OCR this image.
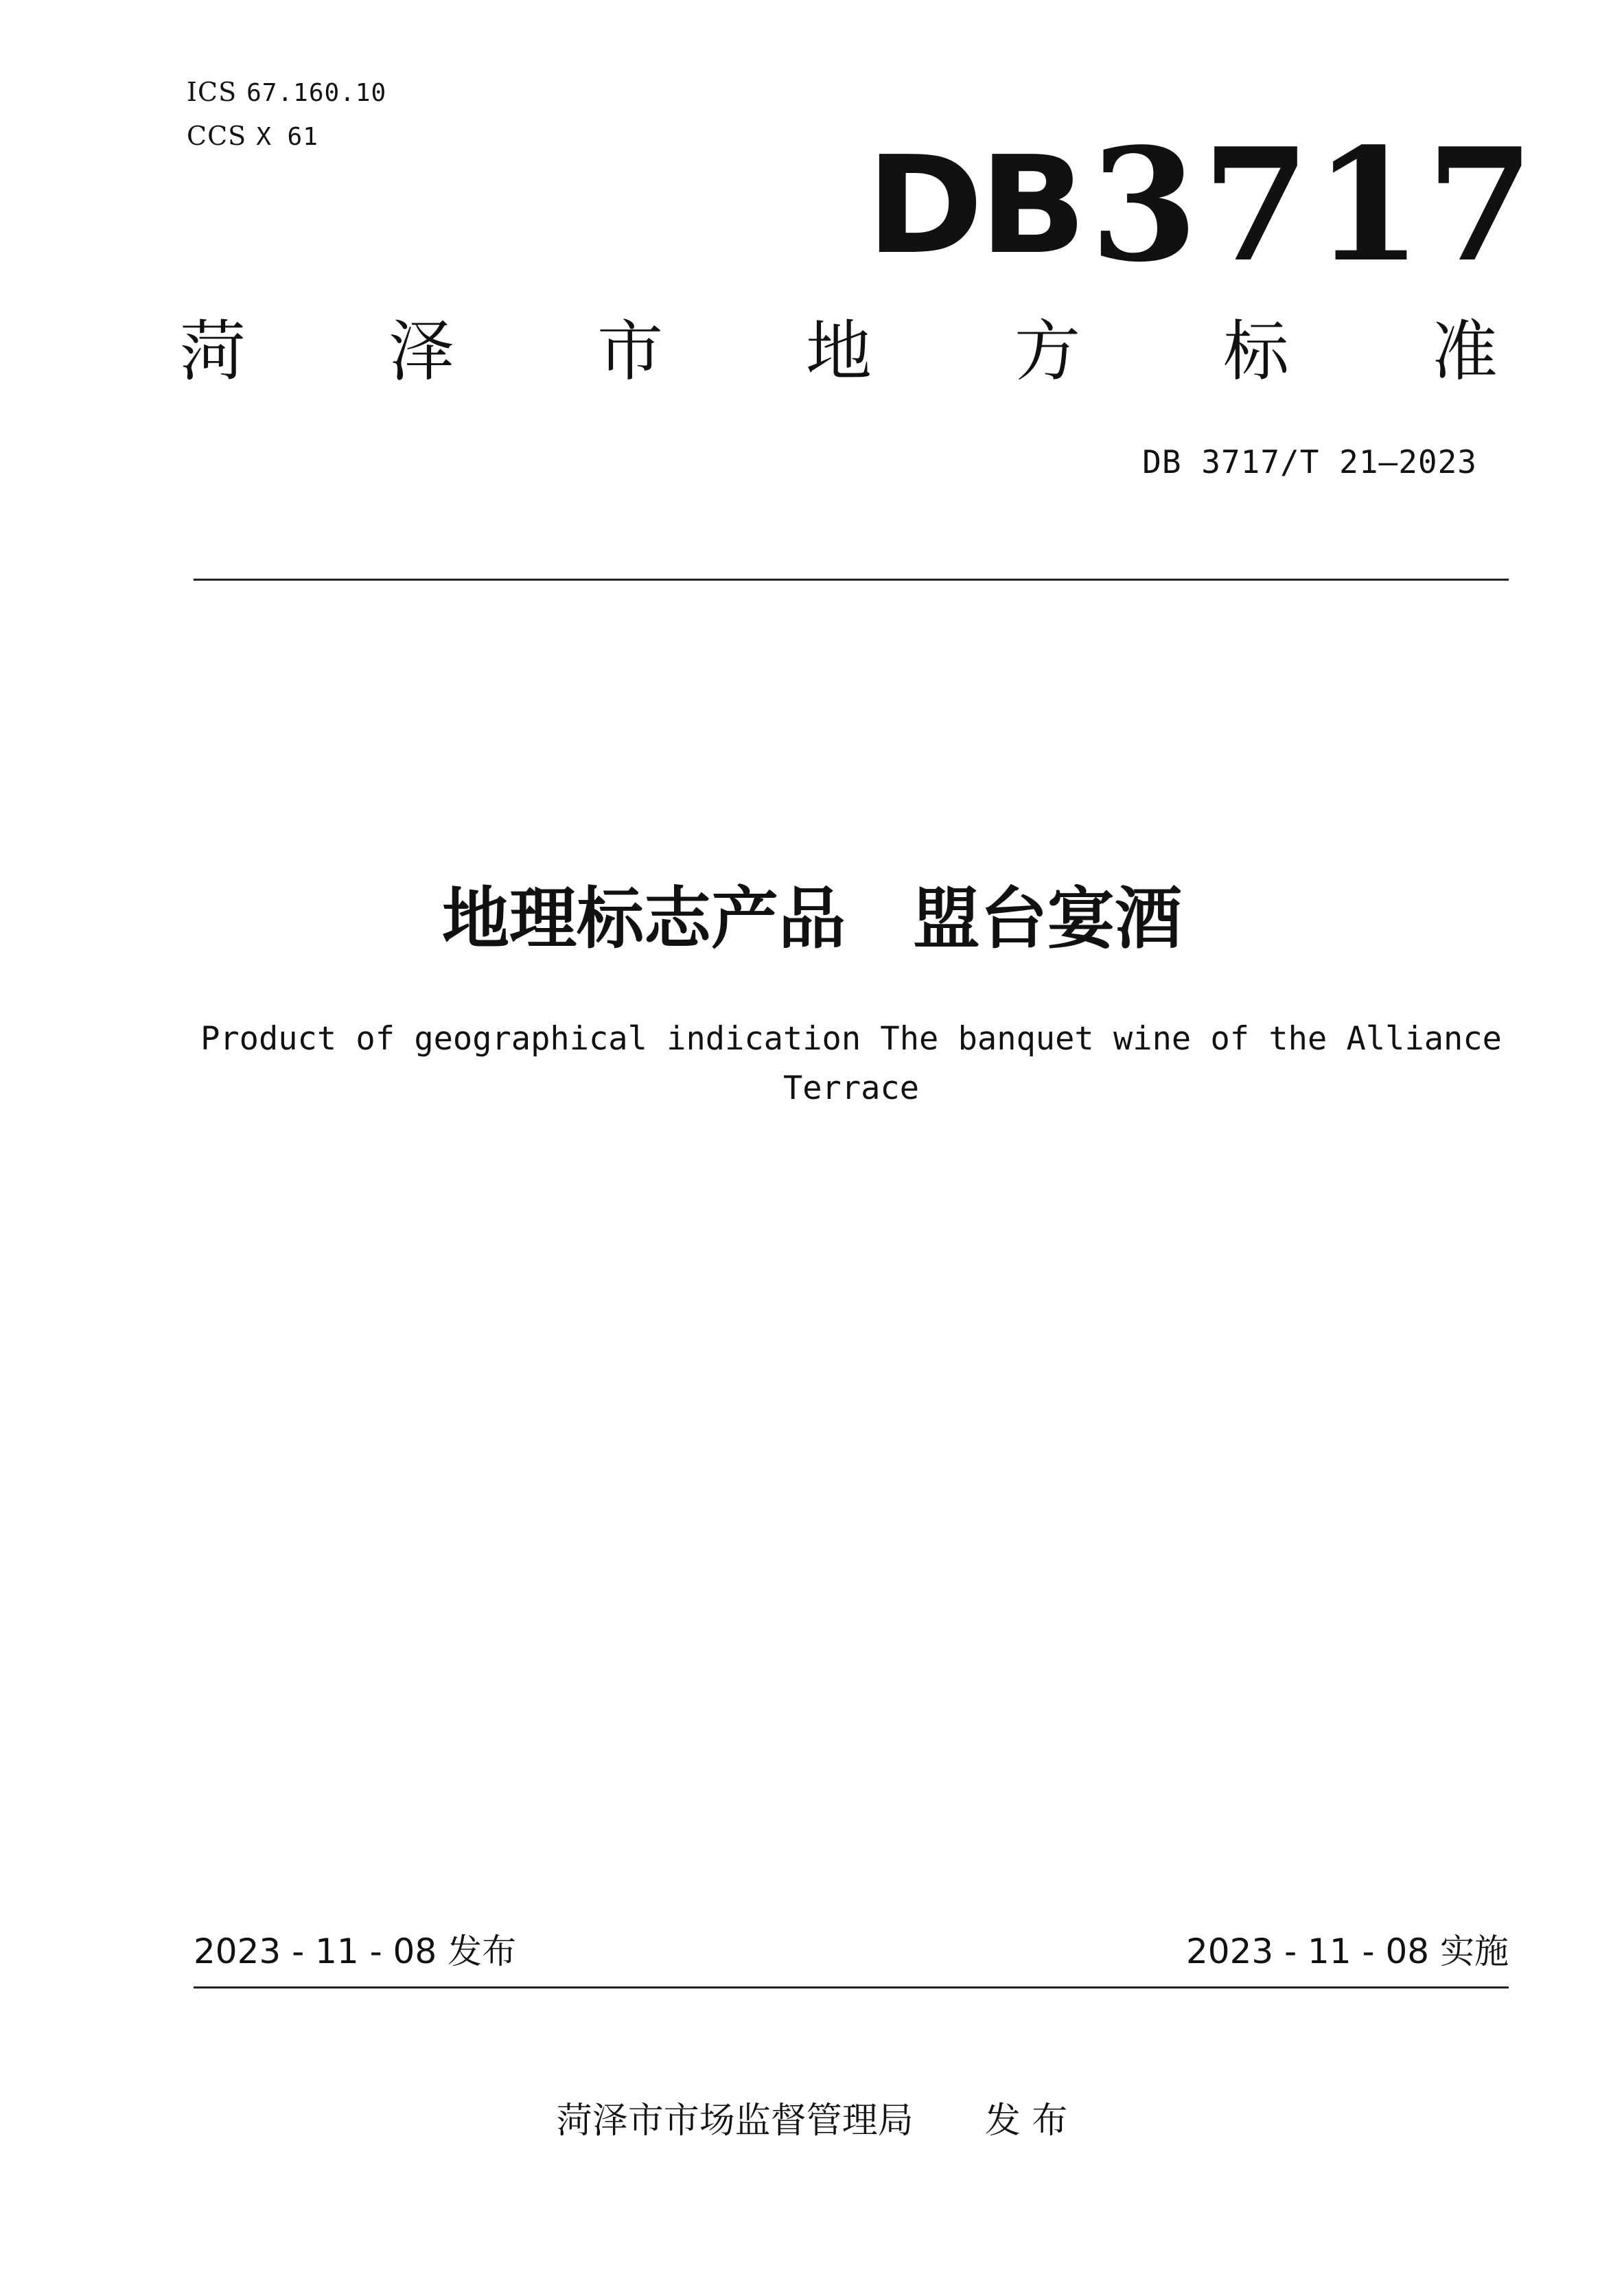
ICS 67.160.10
CCS X 61	DB 3717
菏 泽 市 地 方 标 准
DB 3717/T 21—2023
地理标志产品　盟台宴酒
Product of geographical indication The banquet wine of the Alliance Terrace
2023 - 11 - 08 发布	2023 - 11 - 08 实施
菏泽市市场监督管理局　　发 布
